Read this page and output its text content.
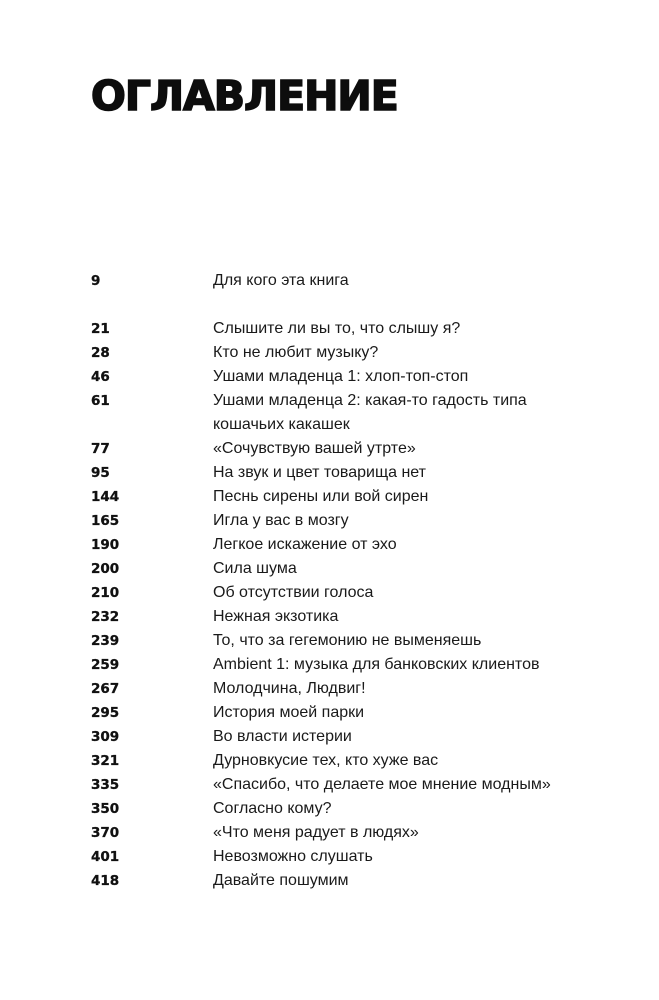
ОГЛАВЛЕНИЕ
9	Для кого эта книга
21	Слышите ли вы то, что слышу я?
28	Кто не любит музыку?
46	Ушами младенца 1: хлоп-топ-стоп
61	Ушами младенца 2: какая-то гадость типа кошачьих какашек
77	«Сочувствую вашей утрте»
95	На звук и цвет товарища нет
144	Песнь сирены или вой сирен
165	Игла у вас в мозгу
190	Легкое искажение от эхо
200	Сила шума
210	Об отсутствии голоса
232	Нежная экзотика
239	То, что за гегемонию не выменяешь
259	Ambient 1: музыка для банковских клиентов
267	Молодчина, Людвиг!
295	История моей парки
309	Во власти истерии
321	Дурновкусие тех, кто хуже вас
335	«Спасибо, что делаете мое мнение модным»
350	Согласно кому?
370	«Что меня радует в людях»
401	Невозможно слушать
418	Давайте пошумим
